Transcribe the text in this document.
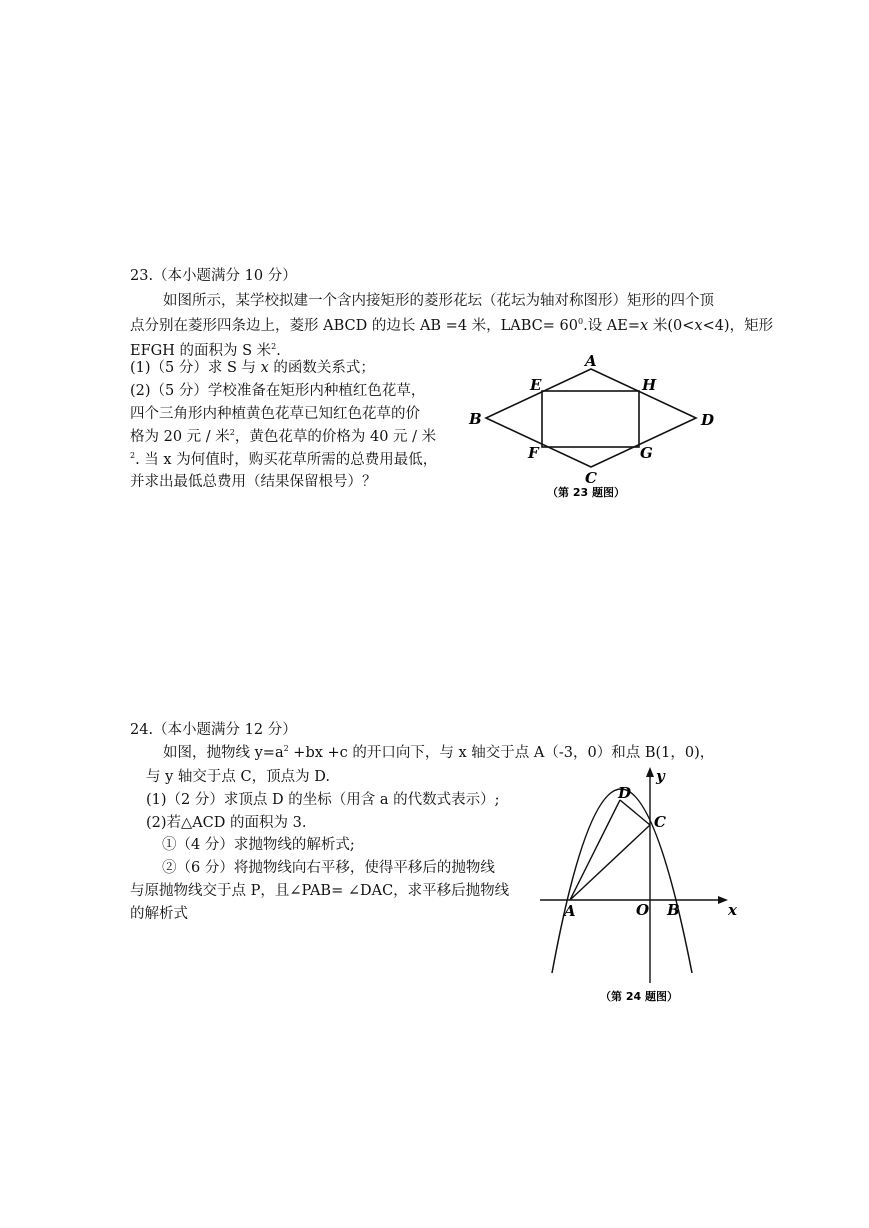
23.（本小题满分 10 分）
如图所示，某学校拟建一个含内接矩形的菱形花坛（花坛为轴对称图形）矩形的四个顶
点分别在菱形四条边上，菱形 ABCD 的边长 AB =4 米，LABC= $60^0$.设 AE=x 米(0<x<4)，矩形
EFGH 的面积为 S 米$^2$.
(1)（5 分）求 S 与 x 的函数关系式；
(2)（5 分）学校准备在矩形内种植红色花草，
四个三角形内种植黄色花草已知红色花草的价
格为 20 元 / 米$^2$，黄色花草的价格为 40 元 / 米
$^2$. 当 x 为何值时，购买花草所需的总费用最低，
并求出最低总费用（结果保留根号）？
A
B
C
D
E
F	G
H
（第 23 题图）
24.（本小题满分 12 分）
如图，抛物线 $y=a^2 +bx +c$ 的开口向下，与 x 轴交于点 A（-3，0）和点 B(1，0)，
与 y 轴交于点 C，顶点为 D.
(1)（2 分）求顶点 D 的坐标（用含 a 的代数式表示）;
(2)若△ACD 的面积为 3.
①（4 分）求抛物线的解析式;
②（6 分）将抛物线向右平移，使得平移后的抛物线
与原抛物线交于点 P，且∠PAB= ∠DAC，求平移后抛物线
的解析式
D
C
A	O B	x
y
（第 24 题图）
